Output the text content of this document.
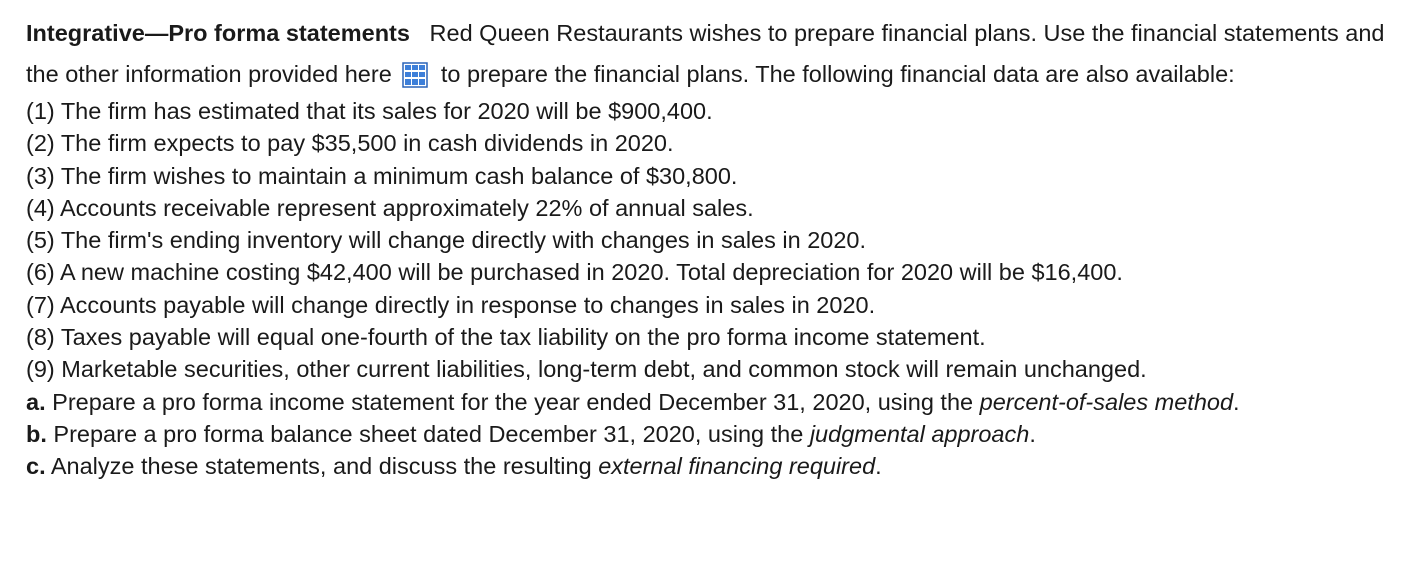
Integrative—Pro forma statements Red Queen Restaurants wishes to prepare financial plans. Use the financial statements and the other information provided here to prepare the financial plans. The following financial data are also available:

(1) The firm has estimated that its sales for 2020 will be $900,400.
(2) The firm expects to pay $35,500 in cash dividends in 2020.
(3) The firm wishes to maintain a minimum cash balance of $30,800.
(4) Accounts receivable represent approximately 22% of annual sales.
(5) The firm's ending inventory will change directly with changes in sales in 2020.
(6) A new machine costing $42,400 will be purchased in 2020. Total depreciation for 2020 will be $16,400.
(7) Accounts payable will change directly in response to changes in sales in 2020.
(8) Taxes payable will equal one-fourth of the tax liability on the pro forma income statement.
(9) Marketable securities, other current liabilities, long-term debt, and common stock will remain unchanged.
a. Prepare a pro forma income statement for the year ended December 31, 2020, using the percent-of-sales method.
b. Prepare a pro forma balance sheet dated December 31, 2020, using the judgmental approach.
c. Analyze these statements, and discuss the resulting external financing required.
